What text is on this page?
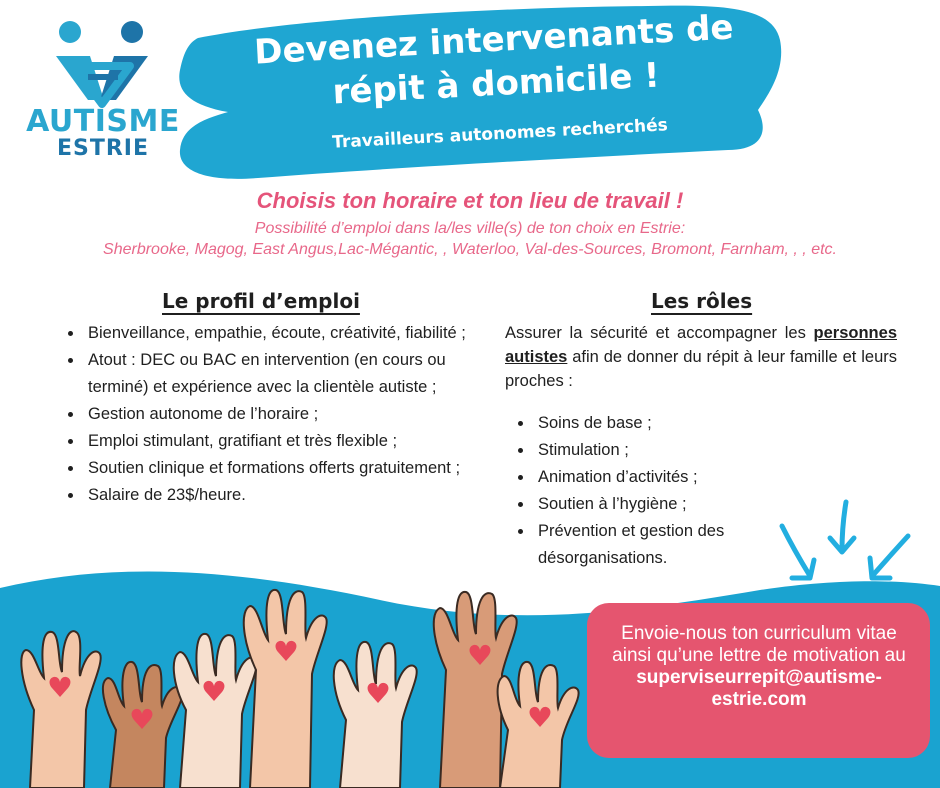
AUTISME
ESTRIE
Devenez intervenants de
répit à domicile !
Travailleurs autonomes recherchés
Choisis ton horaire et ton lieu de travail !
Possibilité d’emploi dans la/les ville(s) de ton choix en Estrie:
Sherbrooke, Magog, East Angus,Lac-Mégantic, , Waterloo, Val-des-Sources, Bromont, Farnham, , , etc.
Le profil d’emploi
• Bienveillance, empathie, écoute, créativité, fiabilité ;
• Atout : DEC ou BAC en intervention (en cours ou terminé) et expérience avec la clientèle autiste ;
• Gestion autonome de l’horaire ;
• Emploi stimulant, gratifiant et très flexible ;
• Soutien clinique et formations offerts gratuitement ;
• Salaire de 23$/heure.
Les rôles
Assurer la sécurité et accompagner les personnes autistes afin de donner du répit à leur famille et leurs proches :
• Soins de base ;
• Stimulation ;
• Animation d’activités ;
• Soutien à l’hygiène ;
• Prévention et gestion des désorganisations.
Envoie-nous ton curriculum vitae ainsi qu’une lettre de motivation au
superviseurrepit@autisme-estrie.com
